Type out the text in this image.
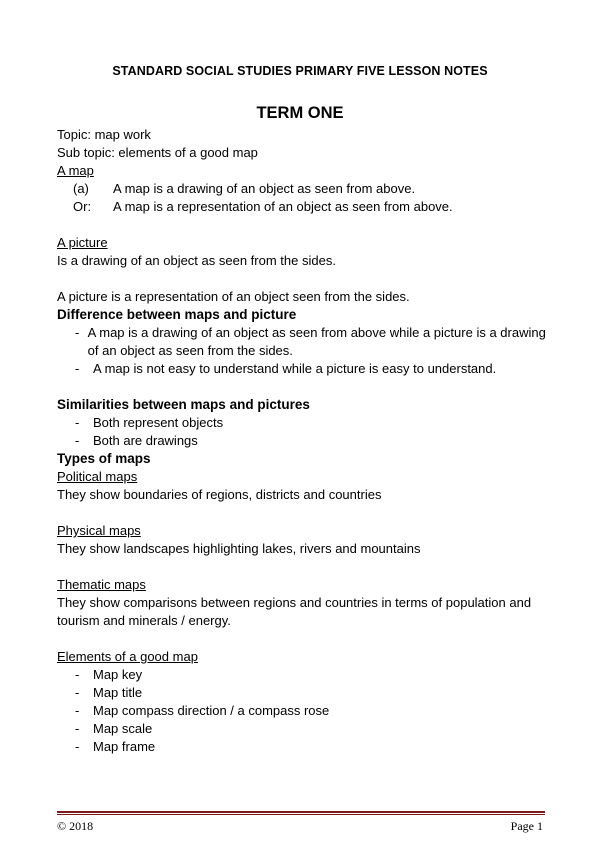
STANDARD SOCIAL STUDIES PRIMARY FIVE LESSON NOTES
TERM ONE
Topic: map work
Sub topic: elements of a good map
A map
(a)	A map is a drawing of an object as seen from above.
Or:	A map is a representation of an object as seen from above.
A picture
Is a drawing of an object as seen from the sides.
A picture is a representation of an object seen from the sides.
Difference between maps and picture
- A map is a drawing of an object as seen from above while a picture is a drawing of an object as seen from the sides.
-	A map is not easy to understand while a picture is easy to understand.
Similarities between maps and pictures
-	Both represent objects
-	Both are drawings
Types of maps
Political maps
They show boundaries of regions, districts and countries
Physical maps
They show landscapes highlighting lakes, rivers and mountains
Thematic maps
They show comparisons between regions and countries in terms of population and tourism and minerals / energy.
Elements of a good map
-	Map key
-	Map title
-	Map compass direction / a compass rose
-	Map scale
-	Map frame
© 2018	Page 1
